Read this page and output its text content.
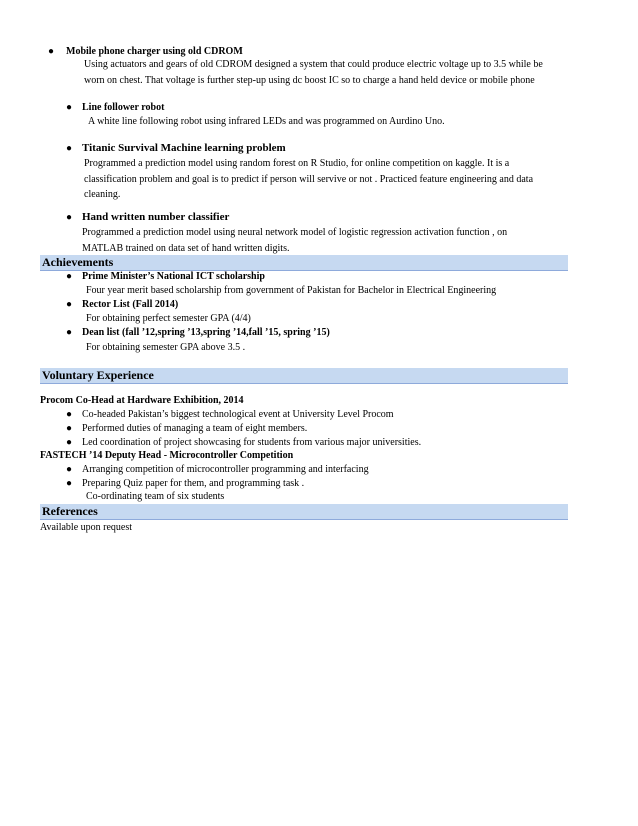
● Mobile phone charger using old CDROM
Using actuators and gears of old CDROM designed a system that could produce electric voltage up to 3.5 while be worn on chest. That voltage is further step-up using dc boost IC so to charge a hand held device or mobile phone
● Line follower robot
A white line following robot using infrared LEDs and was programmed on Aurdino Uno.
● Titanic Survival Machine learning problem
Programmed a prediction model using random forest on R Studio, for online competition on kaggle. It is a classification problem and goal is to predict if person will servive or not . Practiced feature engineering and data cleaning.
● Hand written number classifier
Programmed a prediction model using neural network model of logistic regression activation function , on MATLAB trained on data set of hand written digits.
Achievements
● Prime Minister’s National ICT scholarship
Four year merit based scholarship from government of Pakistan for Bachelor in Electrical Engineering
● Rector List (Fall 2014)
For obtaining perfect semester GPA (4/4)
● Dean list (fall ’12,spring ’13,spring ’14,fall ’15, spring ’15)
For obtaining semester GPA above 3.5 .
Voluntary Experience
Procom Co-Head at Hardware Exhibition, 2014
● Co-headed Pakistan’s biggest technological event at University Level Procom
● Performed duties of managing a team of eight members.
● Led coordination of project showcasing for students from various major universities.
FASTECH ’14 Deputy Head - Microcontroller Competition
● Arranging competition of microcontroller programming and interfacing
● Preparing Quiz paper for them, and programming task .
Co-ordinating team of six students
References
Available upon request
